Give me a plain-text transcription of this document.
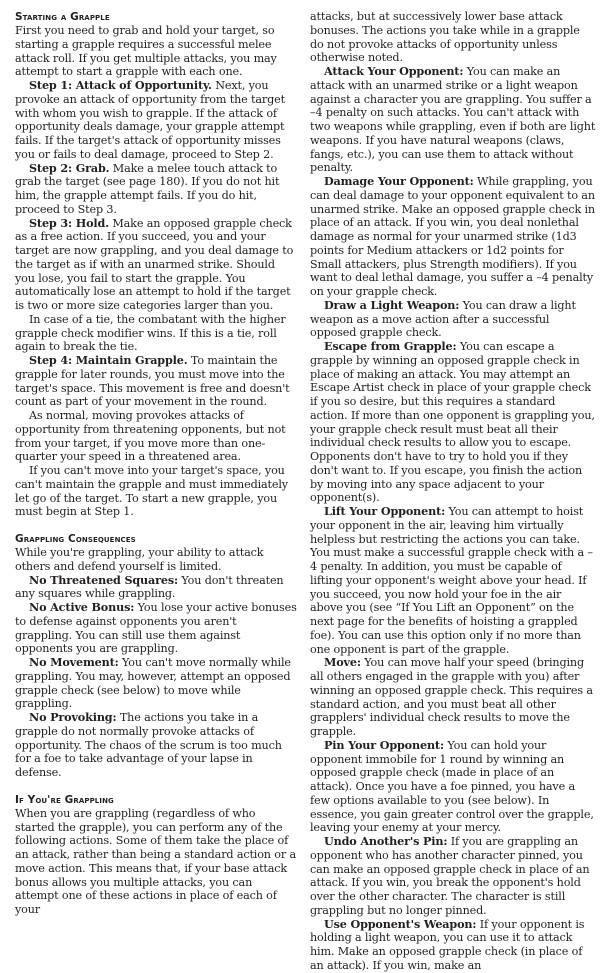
Starting a Grapple

First you need to grab and hold your target, so starting a grapple requires a successful melee attack roll. If you get multiple attacks, you may attempt to start a grapple with each one.

Step 1: Attack of Opportunity. Next, you provoke an attack of opportunity from the target with whom you wish to grapple. If the attack of opportunity deals damage, your grapple attempt fails. If the target's attack of opportunity misses you or fails to deal damage, proceed to Step 2.

Step 2: Grab. Make a melee touch attack to grab the target (see page 180). If you do not hit him, the grapple attempt fails. If you do hit, proceed to Step 3.

Step 3: Hold. Make an opposed grapple check as a free action. If you succeed, you and your target are now grappling, and you deal damage to the target as if with an unarmed strike. Should you lose, you fail to start the grapple. You automatically lose an attempt to hold if the target is two or more size categories larger than you.

In case of a tie, the combatant with the higher grapple check modifier wins. If this is a tie, roll again to break the tie.

Step 4: Maintain Grapple. To maintain the grapple for later rounds, you must move into the target's space. This movement is free and doesn't count as part of your movement in the round.

As normal, moving provokes attacks of opportunity from threatening opponents, but not from your target, if you move more than one-quarter your speed in a threatened area.

If you can't move into your target's space, you can't maintain the grapple and must immediately let go of the target. To start a new grapple, you must begin at Step 1.

Grappling Consequences

While you're grappling, your ability to attack others and defend yourself is limited.

No Threatened Squares: You don't threaten any squares while grappling.

No Active Bonus: You lose your active bonuses to defense against opponents you aren't grappling. You can still use them against opponents you are grappling.

No Movement: You can't move normally while grappling. You may, however, attempt an opposed grapple check (see below) to move while grappling.

No Provoking: The actions you take in a grapple do not normally provoke attacks of opportunity. The chaos of the scrum is too much for a foe to take advantage of your lapse in defense.

If You're Grappling

When you are grappling (regardless of who started the grapple), you can perform any of the following actions. Some of them take the place of an attack, rather than being a standard action or a move action. This means that, if your base attack bonus allows you multiple attacks, you can attempt one of these actions in place of each of your

attacks, but at successively lower base attack bonuses. The actions you take while in a grapple do not provoke attacks of opportunity unless otherwise noted.

Attack Your Opponent: You can make an attack with an unarmed strike or a light weapon against a character you are grappling. You suffer a –4 penalty on such attacks. You can't attack with two weapons while grappling, even if both are light weapons. If you have natural weapons (claws, fangs, etc.), you can use them to attack without penalty.

Damage Your Opponent: While grappling, you can deal damage to your opponent equivalent to an unarmed strike. Make an opposed grapple check in place of an attack. If you win, you deal nonlethal damage as normal for your unarmed strike (1d3 points for Medium attackers or 1d2 points for Small attackers, plus Strength modifiers). If you want to deal lethal damage, you suffer a –4 penalty on your grapple check.

Draw a Light Weapon: You can draw a light weapon as a move action after a successful opposed grapple check.

Escape from Grapple: You can escape a grapple by winning an opposed grapple check in place of making an attack. You may attempt an Escape Artist check in place of your grapple check if you so desire, but this requires a standard action. If more than one opponent is grappling you, your grapple check result must beat all their individual check results to allow you to escape. Opponents don't have to try to hold you if they don't want to. If you escape, you finish the action by moving into any space adjacent to your opponent(s).

Lift Your Opponent: You can attempt to hoist your opponent in the air, leaving him virtually helpless but restricting the actions you can take. You must make a successful grapple check with a –4 penalty. In addition, you must be capable of lifting your opponent's weight above your head. If you succeed, you now hold your foe in the air above you (see “If You Lift an Opponent” on the next page for the benefits of hoisting a grappled foe). You can use this option only if no more than one opponent is part of the grapple.

Move: You can move half your speed (bringing all others engaged in the grapple with you) after winning an opposed grapple check. This requires a standard action, and you must beat all other grapplers' individual check results to move the grapple.

Pin Your Opponent: You can hold your opponent immobile for 1 round by winning an opposed grapple check (made in place of an attack). Once you have a foe pinned, you have a few options available to you (see below). In essence, you gain greater control over the grapple, leaving your enemy at your mercy.

Undo Another's Pin: If you are grappling an opponent who has another character pinned, you can make an opposed grapple check in place of an attack. If you win, you break the opponent's hold over the other character. The character is still grappling but no longer pinned.

Use Opponent's Weapon: If your opponent is holding a light weapon, you can use it to attack him. Make an opposed grapple check (in place of an attack). If you win, make an
